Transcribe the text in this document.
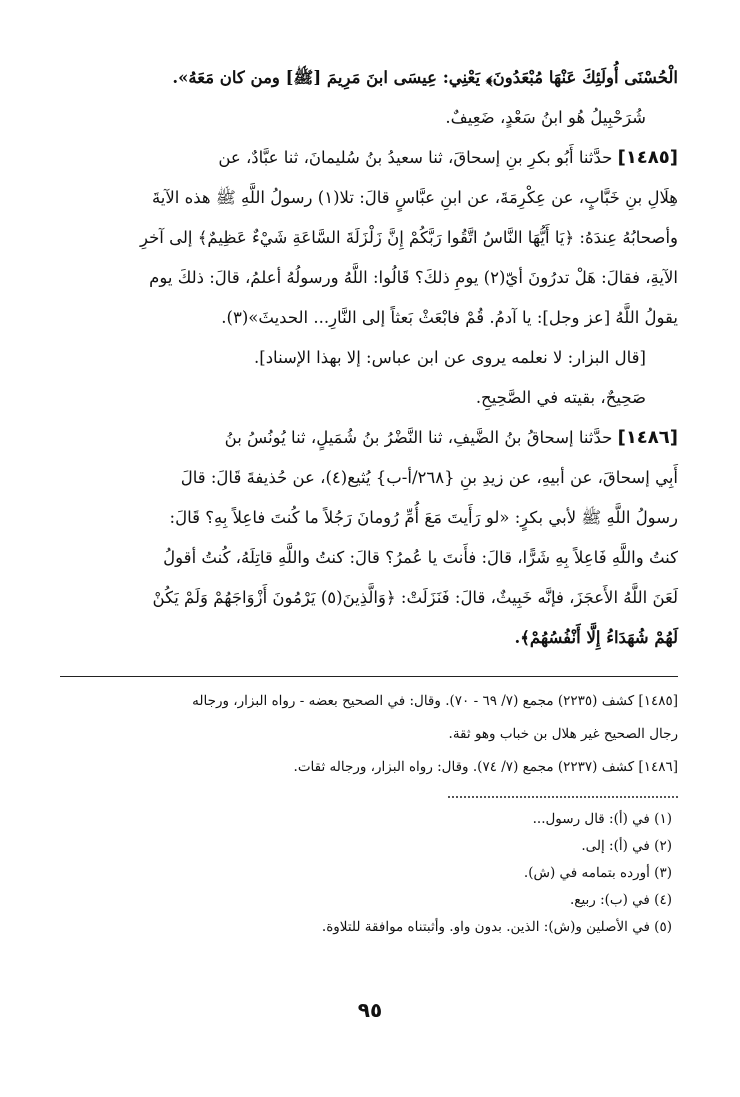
الْحُسْنَى أُولَئِكَ عَنْهَا مُبْعَدُونَ﴾ يَعْنِي: عِيسَى ابنَ مَرِيمَ [ﷺ] ومن كان مَعَهُ».

شُرَحْبِيلُ هُو ابنُ سَعْدٍ، ضَعِيفٌ.

[١٤٨٥] حدَّثنا أَبُو بكرِ بنِ إسحاقَ، ثنا سعيدُ بنُ سُليمانَ، ثنا عبَّادٌ، عن

هِلَالِ بنِ خَبَّابٍ، عن عِكْرِمَةَ، عن ابنِ عبَّاسٍ قالَ: تلا(١) رسولُ اللَّهِ ﷺ هذه الآيةَ

وأصحابُهُ عِندَهُ: ﴿يَا أَيُّهَا النَّاسُ اتَّقُوا رَبَّكُمْ إِنَّ زَلْزَلَةَ السَّاعَةِ شَيْءٌ عَظِيمٌ﴾ إلى آخرِ

الآيةِ، فقالَ: هَلْ تدرُونَ أيّ(٢) يومِ ذلكَ؟ قَالُوا: اللَّهُ ورسولُهُ أعلمُ، قالَ: ذلكَ يوم

يقولُ اللَّهُ [عز وجل]: يا آدمُ. قُمْ فابْعَثْ بَعثاً إلى النَّارِ... الحديثَ»(٣).

[قال البزار: لا نعلمه يروى عن ابن عباس: إلا بهذا الإسناد].

صَحِيحٌ، بقيته في الصَّحِيحِ.

[١٤٨٦] حدَّثنا إسحاقُ بنُ الضَّيفِ، ثنا النَّضْرُ بنُ شُمَيلٍ، ثنا يُونُسُ بنُ

أَبِي إسحاقَ، عن أبيهِ، عن زيدِ بنِ {٢٦٨/أ-ب} يُثيع(٤)، عن حُذيفةَ قَالَ: قالَ

رسولُ اللَّهِ ﷺ لأبي بكرٍ: «لو رَأَيتَ مَعَ أُمِّ رُومانَ رَجُلاً ما كُنتَ فاعِلاً بِهِ؟ قَالَ:

كنتُ واللَّهِ فَاعِلاً بِهِ شَرًّا، قالَ: فأَنتَ يا عُمرُ؟ قالَ: كنتُ واللَّهِ قاتِلَهُ، كُنتُ أقولُ

لَعَنَ اللَّهُ الأَعجَزَ، فإنَّه خَبِيثٌ، قالَ: فَنَزَلَتْ: ﴿وَالَّذِينَ(٥) يَرْمُونَ أَزْوَاجَهُمْ وَلَمْ يَكُنْ

لَهُمْ شُهَدَاءُ إِلَّا أَنْفُسُهُمْ﴾.

[١٤٨٥] كشف (٢٢٣٥) مجمع (٧/ ٦٩ - ٧٠). وقال: في الصحيح بعضه - رواه البزار، ورجاله

رجال الصحيح غير هلال بن خباب وهو ثقة.

[١٤٨٦] كشف (٢٢٣٧) مجمع (٧/ ٧٤). وقال: رواه البزار، ورجاله ثقات.

(١) في (أ): قال رسول...

(٢) في (أ): إلى.

(٣) أورده بتمامه في (ش).

(٤) في (ب): ربيع.

(٥) في الأصلين و(ش): الذين. بدون واو. وأثبتناه موافقة للتلاوة.

٩٥
